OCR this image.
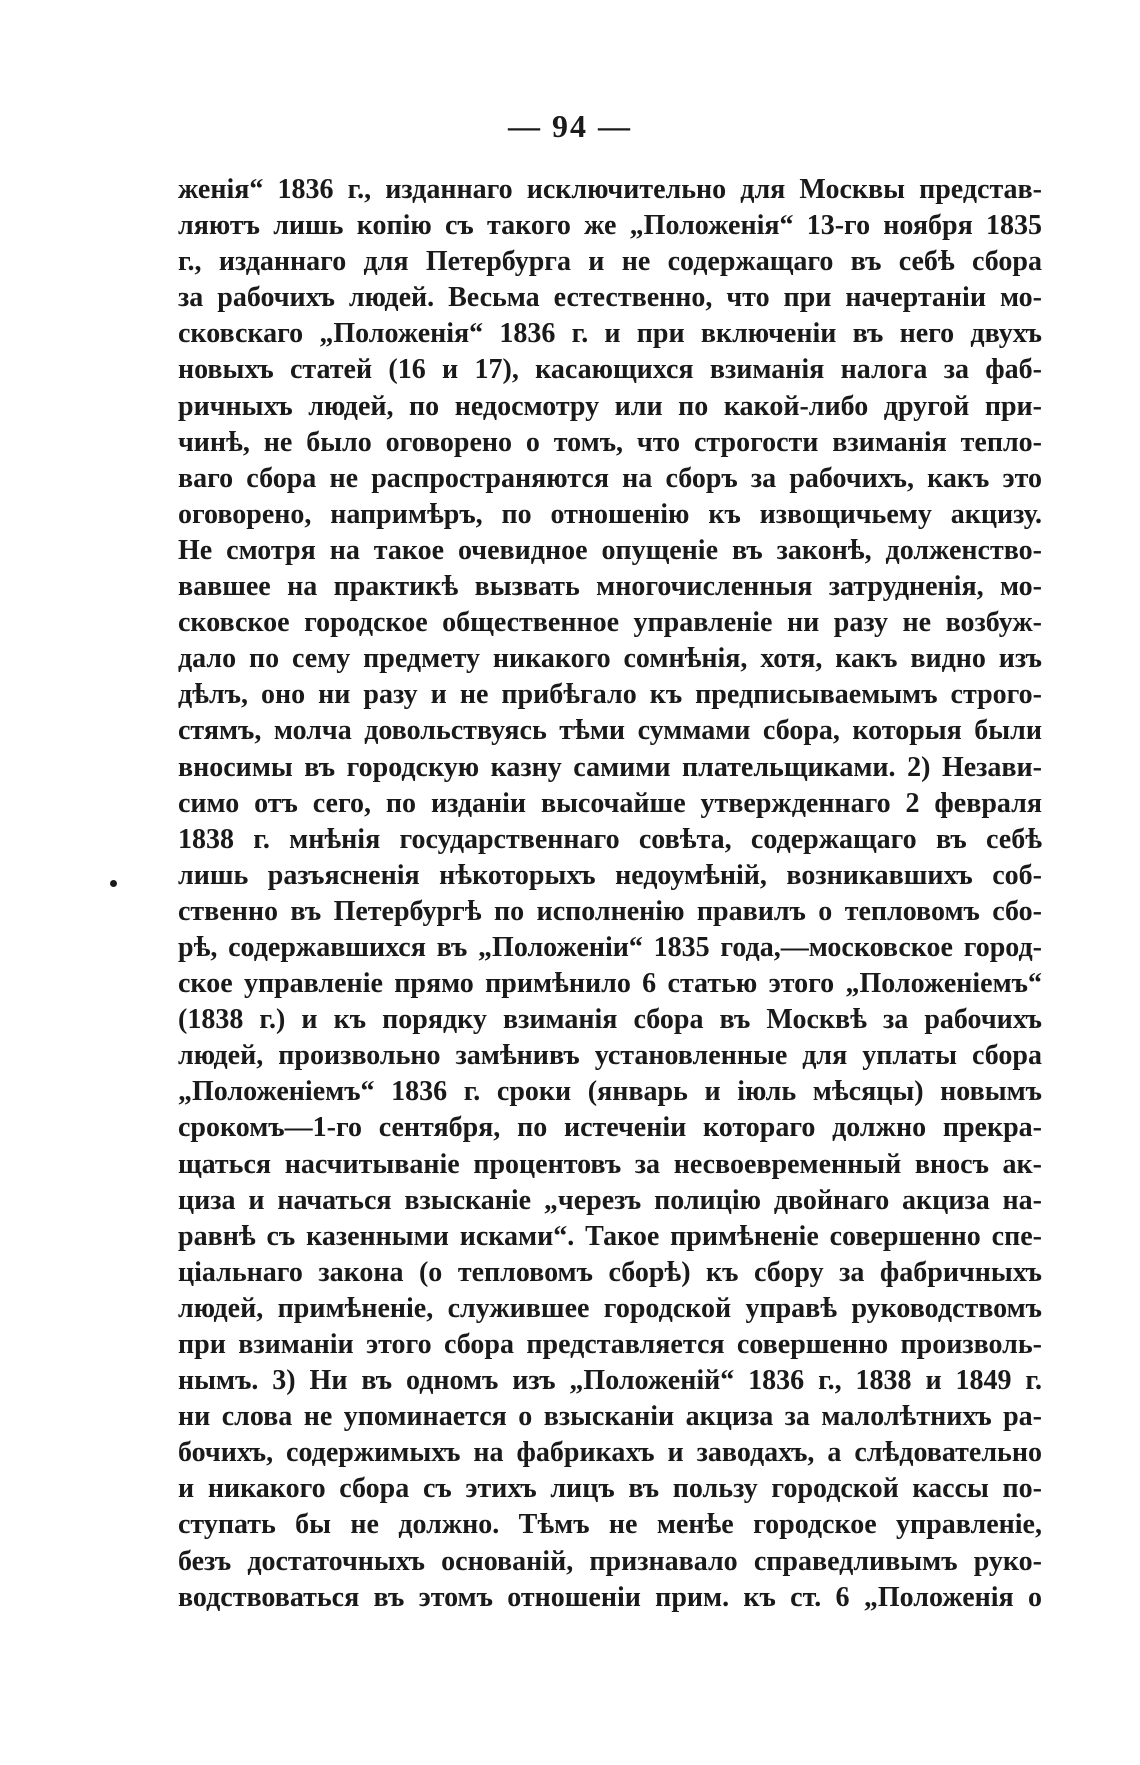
— 94 —
женія“ 1836 г., изданнаго исключительно для Москвы представ-
ляютъ лишь копію съ такого же „Положенія“ 13-го ноября 1835
г., изданнаго для Петербурга и не содержащаго въ себѣ сбора
за рабочихъ людей. Весьма естественно, что при начертаніи мо-
сковскаго „Положенія“ 1836 г. и при включеніи въ него двухъ
новыхъ статей (16 и 17), касающихся взиманія налога за фаб-
ричныхъ людей, по недосмотру или по какой-либо другой при-
чинѣ, не было оговорено о томъ, что строгости взиманія теплo-
ваго сбора не распространяются на сборъ за рабочихъ, какъ это
оговорено, напримѣръ, по отношенію къ извощичьему акцизу.
Не смотря на такое очевидное опущеніе въ законѣ, долженство-
вавшее на практикѣ вызвать многочисленныя затрудненія, мо-
сковское городское общественное управленіе ни разу не возбуж-
дало по сему предмету никакого сомнѣнія, хотя, какъ видно изъ
дѣлъ, оно ни разу и не прибѣгало къ предписываемымъ строго-
стямъ, молча довольствуясь тѣми суммами сбора, которыя были
вносимы въ городскую казну самими плательщиками. 2) Незави-
симо отъ сего, по изданіи высочайше утвержденнаго 2 февраля
1838 г. мнѣнія государственнаго совѣта, содержащаго въ себѣ
лишь разъясненія нѣкоторыхъ недоумѣній, возникавшихъ соб-
ственно въ Петербургѣ по исполненію правилъ о тепловомъ сбо-
рѣ, содержавшихся въ „Положеніи“ 1835 года,—московское город-
ское управленіе прямо примѣнило 6 статью этого „Положеніемъ“
(1838 г.) и къ порядку взиманія сбора въ Москвѣ за рабочихъ
людей, произвольно замѣнивъ установленные для уплаты сбора
„Положеніемъ“ 1836 г. сроки (январь и іюль мѣсяцы) новымъ
срокомъ—1-го сентября, по истеченіи котораго должно прекра-
щаться насчитываніе процентовъ за несвоевременный вносъ ак-
циза и начаться взысканіе „черезъ полицію двойнаго акциза на-
равнѣ съ казенными исками“. Такое примѣненіе совершенно спе-
ціальнаго закона (о тепловомъ сборѣ) къ сбору за фабричныхъ
людей, примѣненіе, служившее городской управѣ руководствомъ
при взиманіи этого сбора представляется совершенно произволь-
нымъ. 3) Ни въ одномъ изъ „Положеній“ 1836 г., 1838 и 1849 г.
ни слова не упоминается о взысканіи акциза за малолѣтнихъ ра-
бочихъ, содержимыхъ на фабрикахъ и заводахъ, а слѣдовательно
и никакого сбора съ этихъ лицъ въ пользу городской кассы по-
ступать бы не должно. Тѣмъ не менѣе городское управленіе,
безъ достаточныхъ основаній, признавало справедливымъ руко-
водствоваться въ этомъ отношеніи прим. къ ст. 6 „Положенія о
